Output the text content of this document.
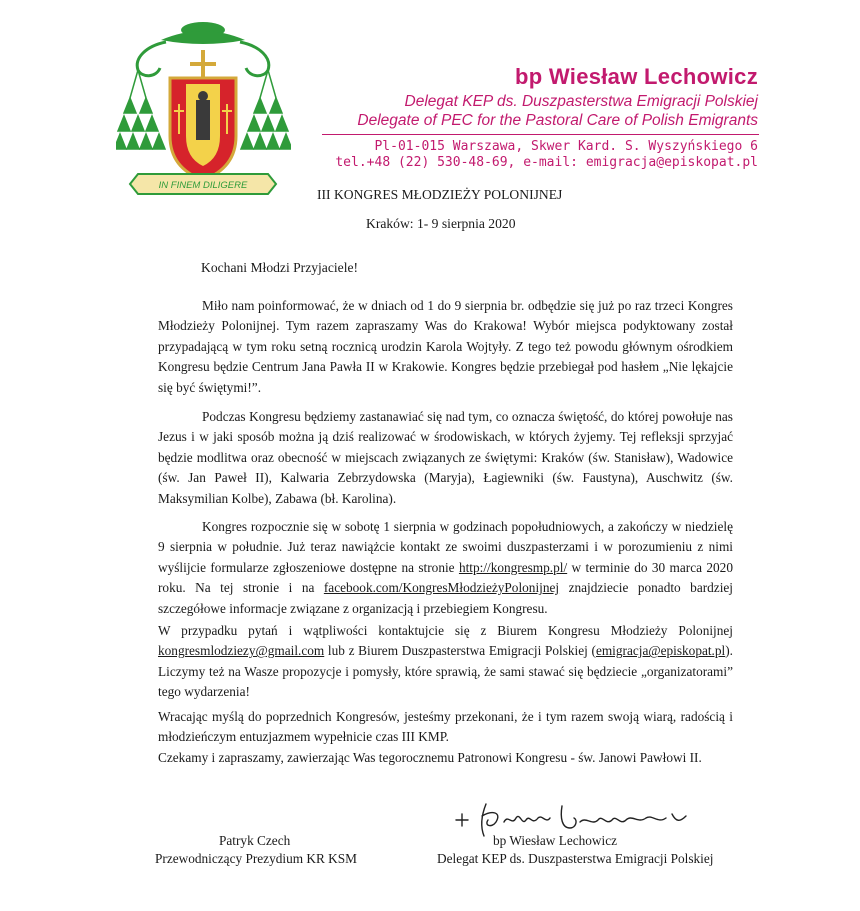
IN FINEM DILIGERE
bp Wiesław Lechowicz
Delegat KEP ds. Duszpasterstwa Emigracji Polskiej
Delegate of PEC for the Pastoral Care of Polish Emigrants
Pl-01-015 Warszawa, Skwer Kard. S. Wyszyńskiego 6
tel.+48 (22) 530-48-69, e-mail: emigracja@episkopat.pl
III KONGRES MŁODZIEŻY POLONIJNEJ
Kraków: 1- 9 sierpnia 2020
Kochani Młodzi Przyjaciele!
Miło nam poinformować, że w dniach od 1 do 9 sierpnia br. odbędzie się już po raz trzeci Kongres Młodzieży Polonijnej. Tym razem zapraszamy Was do Krakowa! Wybór miejsca podyktowany został przypadającą w tym roku setną rocznicą urodzin Karola Wojtyły. Z tego też powodu głównym ośrodkiem Kongresu będzie Centrum Jana Pawła II w Krakowie. Kongres będzie przebiegał pod hasłem „Nie lękajcie się być świętymi!”.
Podczas Kongresu będziemy zastanawiać się nad tym, co oznacza świętość, do której powołuje nas Jezus i w jaki sposób można ją dziś realizować w środowiskach, w których żyjemy. Tej refleksji sprzyjać będzie modlitwa oraz obecność w miejscach związanych ze świętymi: Kraków (św. Stanisław), Wadowice (św. Jan Paweł II), Kalwaria Zebrzydowska (Maryja), Łagiewniki (św. Faustyna), Auschwitz (św. Maksymilian Kolbe), Zabawa (bł. Karolina).
Kongres rozpocznie się w sobotę 1 sierpnia w godzinach popołudniowych, a zakończy w niedzielę 9 sierpnia w południe. Już teraz nawiążcie kontakt ze swoimi duszpasterzami i w porozumieniu z nimi wyślijcie formularze zgłoszeniowe dostępne na stronie http://kongresmp.pl/ w terminie do 30 marca 2020 roku. Na tej stronie i na facebook.com/KongresMłodzieżyPolonijnej znajdziecie ponadto bardziej szczegółowe informacje związane z organizacją i przebiegiem Kongresu.
W przypadku pytań i wątpliwości kontaktujcie się z Biurem Kongresu Młodzieży Polonijnej kongresmlodziezy@gmail.com lub z Biurem Duszpasterstwa Emigracji Polskiej (emigracja@episkopat.pl). Liczymy też na Wasze propozycje i pomysły, które sprawią, że sami stawać się będziecie „organizatorami” tego wydarzenia!
Wracając myślą do poprzednich Kongresów, jesteśmy przekonani, że i tym razem swoją wiarą, radością i młodzieńczym entuzjazmem wypełnicie czas III KMP.
Czekamy i zapraszamy, zawierzając Was tegorocznemu Patronowi Kongresu - św. Janowi Pawłowi II.
Patryk Czech
Przewodniczący Prezydium KR KSM
bp Wiesław Lechowicz
Delegat KEP ds. Duszpasterstwa Emigracji Polskiej
